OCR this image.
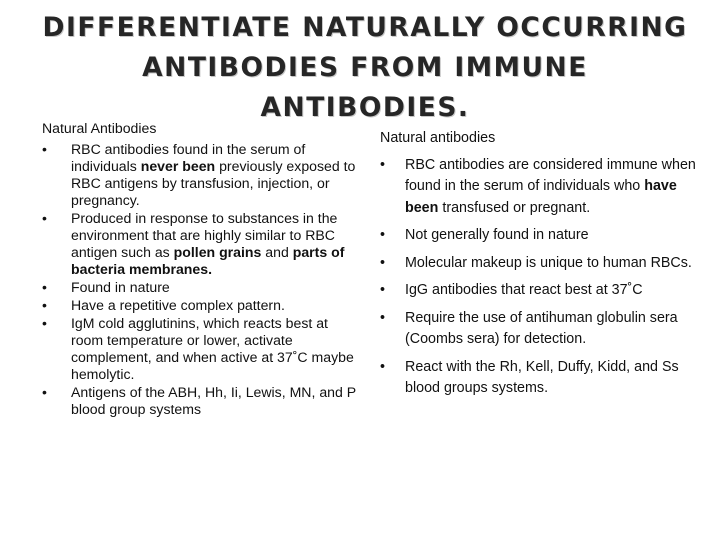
DIFFERENTIATE NATURALLY OCCURRING ANTIBODIES FROM IMMUNE ANTIBODIES.
Natural Antibodies
• RBC antibodies found in the serum of individuals never been previously exposed to RBC antigens by transfusion, injection, or pregnancy.
• Produced in response to substances in the environment that are highly similar to RBC antigen such as pollen grains and parts of bacteria membranes.
• Found in nature
• Have a repetitive complex pattern.
• IgM cold agglutinins, which reacts best at room temperature or lower, activate complement, and when active at 37˚C maybe hemolytic.
• Antigens of the ABH, Hh, Ii, Lewis, MN, and P blood group systems
Natural antibodies
• RBC antibodies are considered immune when found in the serum of individuals who have been transfused or pregnant.
• Not generally found in nature
• Molecular makeup is unique to human RBCs.
• IgG antibodies that react best at 37˚C
• Require the use of antihuman globulin sera (Coombs sera) for detection.
• React with the Rh, Kell, Duffy, Kidd, and Ss blood groups systems.
